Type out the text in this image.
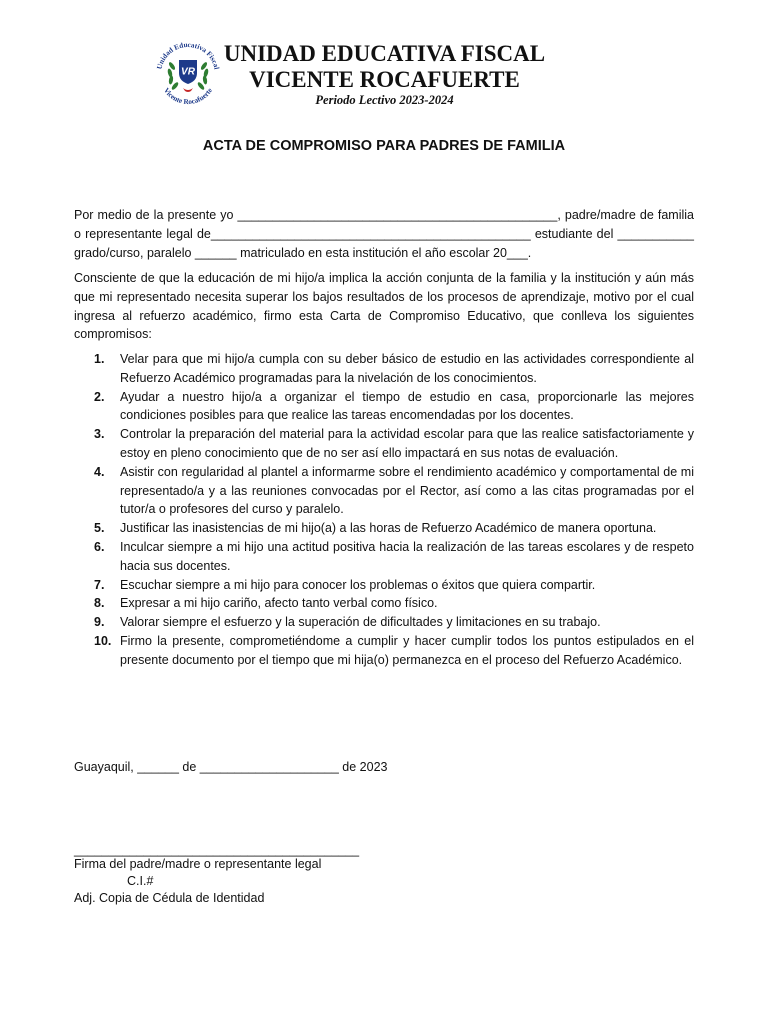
Unidad Educativa Fiscal
Vicente Rocafuerte
VR
UNIDAD EDUCATIVA FISCAL
VICENTE ROCAFUERTE
Periodo Lectivo 2023-2024
ACTA DE COMPROMISO PARA PADRES DE FAMILIA

Por medio de la presente yo ______________________________________________, padre/madre de familia o representante legal de______________________________________________ estudiante del ___________ grado/curso, paralelo ______ matriculado en esta institución el año escolar 20___.

Consciente de que la educación de mi hijo/a implica la acción conjunta de la familia y la institución y aún más que mi representado necesita superar los bajos resultados de los procesos de aprendizaje, motivo por el cual ingresa al refuerzo académico, firmo esta Carta de Compromiso Educativo, que conlleva los siguientes compromisos:

1. Velar para que mi hijo/a cumpla con su deber básico de estudio en las actividades correspondiente al Refuerzo Académico programadas para la nivelación de los conocimientos.
2. Ayudar a nuestro hijo/a a organizar el tiempo de estudio en casa, proporcionarle las mejores condiciones posibles para que realice las tareas encomendadas por los docentes.
3. Controlar la preparación del material para la actividad escolar para que las realice satisfactoriamente y estoy en pleno conocimiento que de no ser así ello impactará en sus notas de evaluación.
4. Asistir con regularidad al plantel a informarme sobre el rendimiento académico y comportamental de mi representado/a y a las reuniones convocadas por el Rector, así como a las citas programadas por el tutor/a o profesores del curso y paralelo.
5. Justificar las inasistencias de mi hijo(a) a las horas de Refuerzo Académico de manera oportuna.
6. Inculcar siempre a mi hijo una actitud positiva hacia la realización de las tareas escolares y de respeto hacia sus docentes.
7. Escuchar siempre a mi hijo para conocer los problemas o éxitos que quiera compartir.
8. Expresar a mi hijo cariño, afecto tanto verbal como físico.
9. Valorar siempre el esfuerzo y la superación de dificultades y limitaciones en su trabajo.
10. Firmo la presente, comprometiéndome a cumplir y hacer cumplir todos los puntos estipulados en el presente documento por el tiempo que mi hija(o) permanezca en el proceso del Refuerzo Académico.
Guayaquil, ______ de ____________________ de 2023
_________________________________________
Firma del padre/madre o representante legal
C.I.#
Adj. Copia de Cédula de Identidad
